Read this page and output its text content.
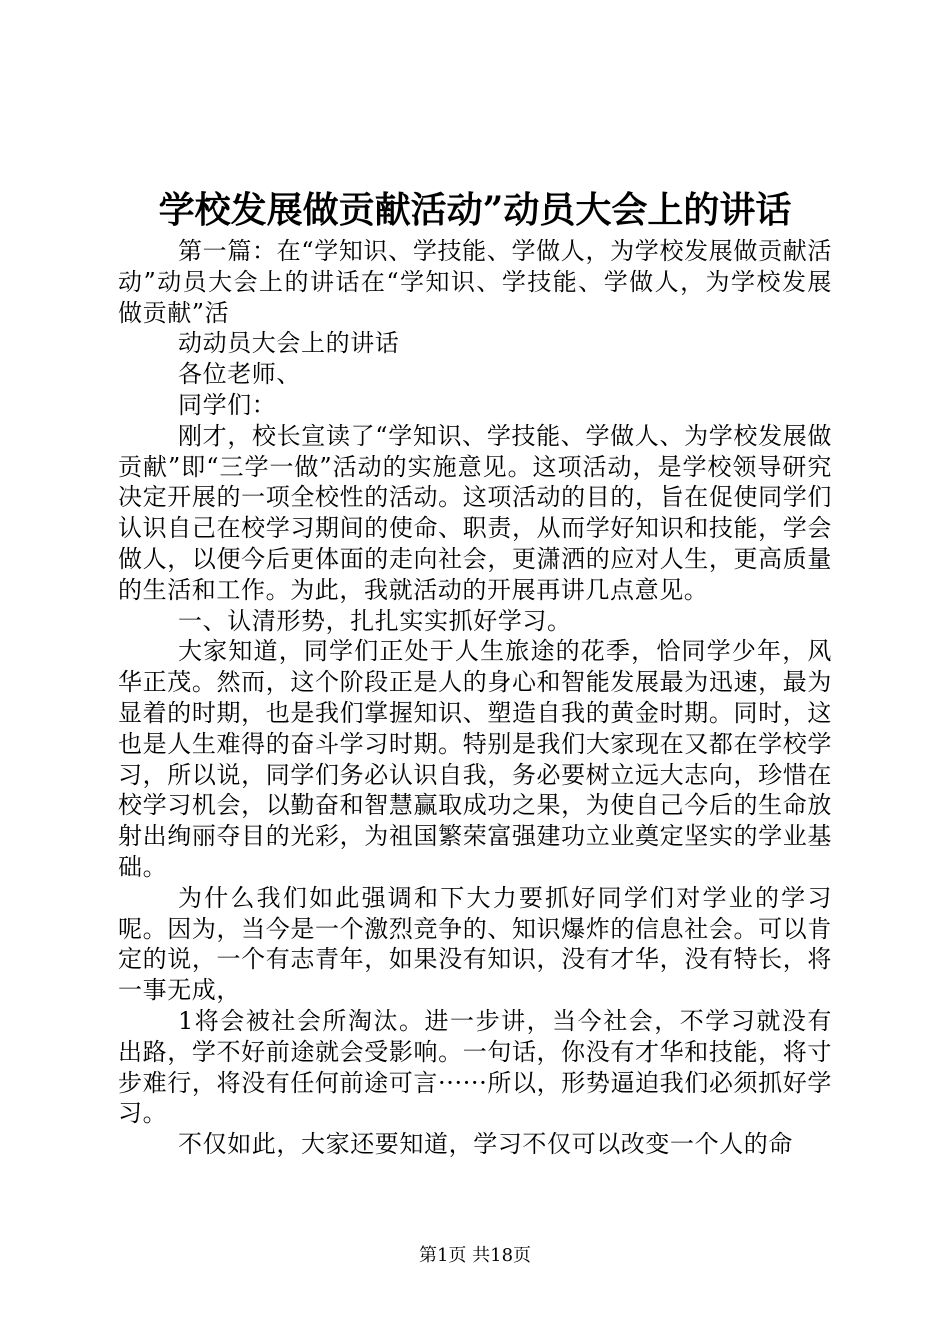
学校发展做贡献活动”动员大会上的讲话

第一篇：在“学知识、学技能、学做人，为学校发展做贡献活动”动员大会上的讲话在“学知识、学技能、学做人，为学校发展做贡献”活

动动员大会上的讲话

各位老师、

同学们：

刚才，校长宣读了“学知识、学技能、学做人、为学校发展做贡献”即“三学一做”活动的实施意见。这项活动，是学校领导研究决定开展的一项全校性的活动。这项活动的目的，旨在促使同学们认识自己在校学习期间的使命、职责，从而学好知识和技能，学会做人，以便今后更体面的走向社会，更潇洒的应对人生，更高质量的生活和工作。为此，我就活动的开展再讲几点意见。

一、认清形势，扎扎实实抓好学习。

大家知道，同学们正处于人生旅途的花季，恰同学少年，风华正茂。然而，这个阶段正是人的身心和智能发展最为迅速，最为显着的时期，也是我们掌握知识、塑造自我的黄金时期。同时，这也是人生难得的奋斗学习时期。特别是我们大家现在又都在学校学习，所以说，同学们务必认识自我，务必要树立远大志向，珍惜在校学习机会，以勤奋和智慧赢取成功之果，为使自己今后的生命放射出绚丽夺目的光彩，为祖国繁荣富强建功立业奠定坚实的学业基础。

为什么我们如此强调和下大力要抓好同学们对学业的学习呢。因为，当今是一个激烈竞争的、知识爆炸的信息社会。可以肯定的说，一个有志青年，如果没有知识，没有才华，没有特长，将一事无成，

1将会被社会所淘汰。进一步讲，当今社会，不学习就没有出路，学不好前途就会受影响。一句话，你没有才华和技能，将寸步难行，将没有任何前途可言······所以，形势逼迫我们必须抓好学习。

不仅如此，大家还要知道，学习不仅可以改变一个人的命

第1页 共18页
